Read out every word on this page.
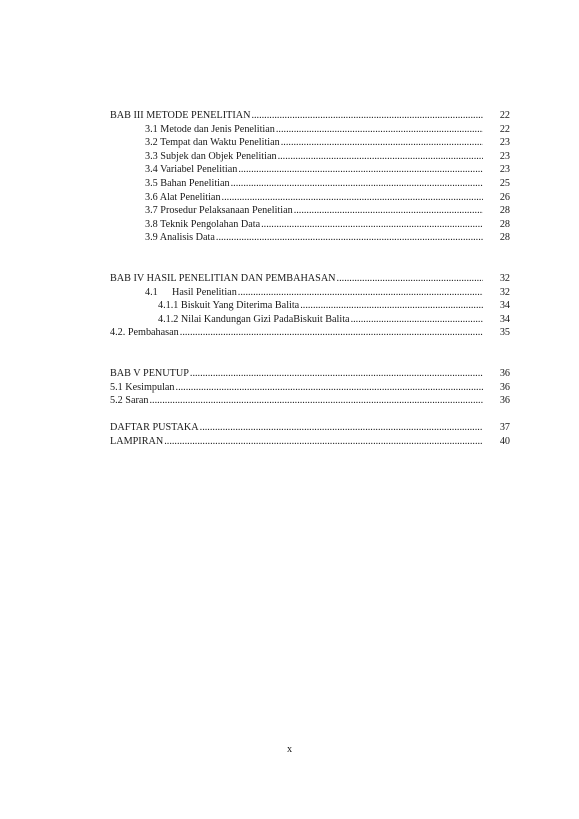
BAB III METODE PENELITIAN .....	22
3.1 Metode dan Jenis Penelitian .....	22
3.2 Tempat dan Waktu Penelitian .....	23
3.3 Subjek dan Objek Penelitian .....	23
3.4 Variabel Penelitian .....	23
3.5 Bahan Penelitian .....	25
3.6 Alat Penelitian .....	26
3.7 Prosedur Pelaksanaan Penelitian .....	28
3.8 Teknik Pengolahan Data .....	28
3.9 Analisis Data .....	28
BAB IV HASIL PENELITIAN DAN PEMBAHASAN .....	32
4.1 Hasil Penelitian .....	32
4.1.1 Biskuit Yang Diterima Balita .....	34
4.1.2 Nilai Kandungan Gizi PadaBiskuit Balita .....	34
4.2. Pembahasan .....	35
BAB V PENUTUP .....	36
5.1 Kesimpulan .....	36
5.2 Saran .....	36
DAFTAR PUSTAKA .....	37
LAMPIRAN .....	40
x
